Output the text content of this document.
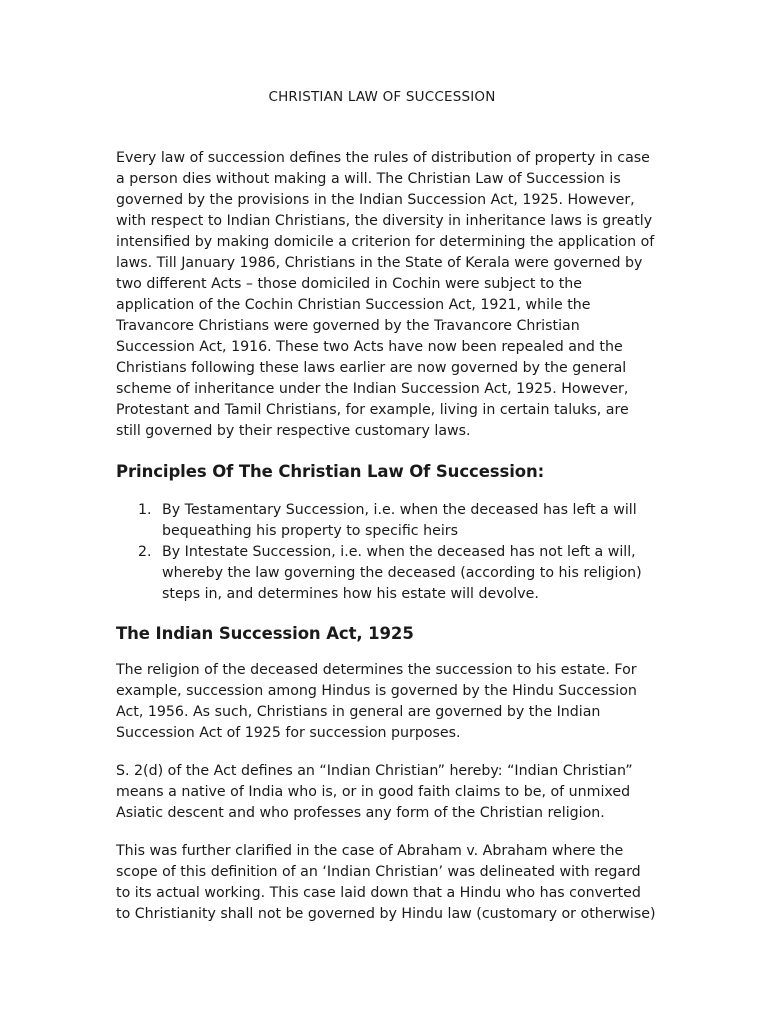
CHRISTIAN LAW OF SUCCESSION

Every law of succession defines the rules of distribution of property in case a person dies without making a will. The Christian Law of Succession is governed by the provisions in the Indian Succession Act, 1925. However, with respect to Indian Christians, the diversity in inheritance laws is greatly intensified by making domicile a criterion for determining the application of laws. Till January 1986, Christians in the State of Kerala were governed by two different Acts – those domiciled in Cochin were subject to the application of the Cochin Christian Succession Act, 1921, while the Travancore Christians were governed by the Travancore Christian Succession Act, 1916. These two Acts have now been repealed and the Christians following these laws earlier are now governed by the general scheme of inheritance under the Indian Succession Act, 1925. However, Protestant and Tamil Christians, for example, living in certain taluks, are still governed by their respective customary laws.

Principles Of The Christian Law Of Succession:
1. By Testamentary Succession, i.e. when the deceased has left a will bequeathing his property to specific heirs
2. By Intestate Succession, i.e. when the deceased has not left a will, whereby the law governing the deceased (according to his religion) steps in, and determines how his estate will devolve.
The Indian Succession Act, 1925

The religion of the deceased determines the succession to his estate. For example, succession among Hindus is governed by the Hindu Succession Act, 1956. As such, Christians in general are governed by the Indian Succession Act of 1925 for succession purposes.

S. 2(d) of the Act defines an “Indian Christian” hereby: “Indian Christian” means a native of India who is, or in good faith claims to be, of unmixed Asiatic descent and who professes any form of the Christian religion.

This was further clarified in the case of Abraham v. Abraham where the scope of this definition of an ‘Indian Christian’ was delineated with regard to its actual working. This case laid down that a Hindu who has converted to Christianity shall not be governed by Hindu law (customary or otherwise)
